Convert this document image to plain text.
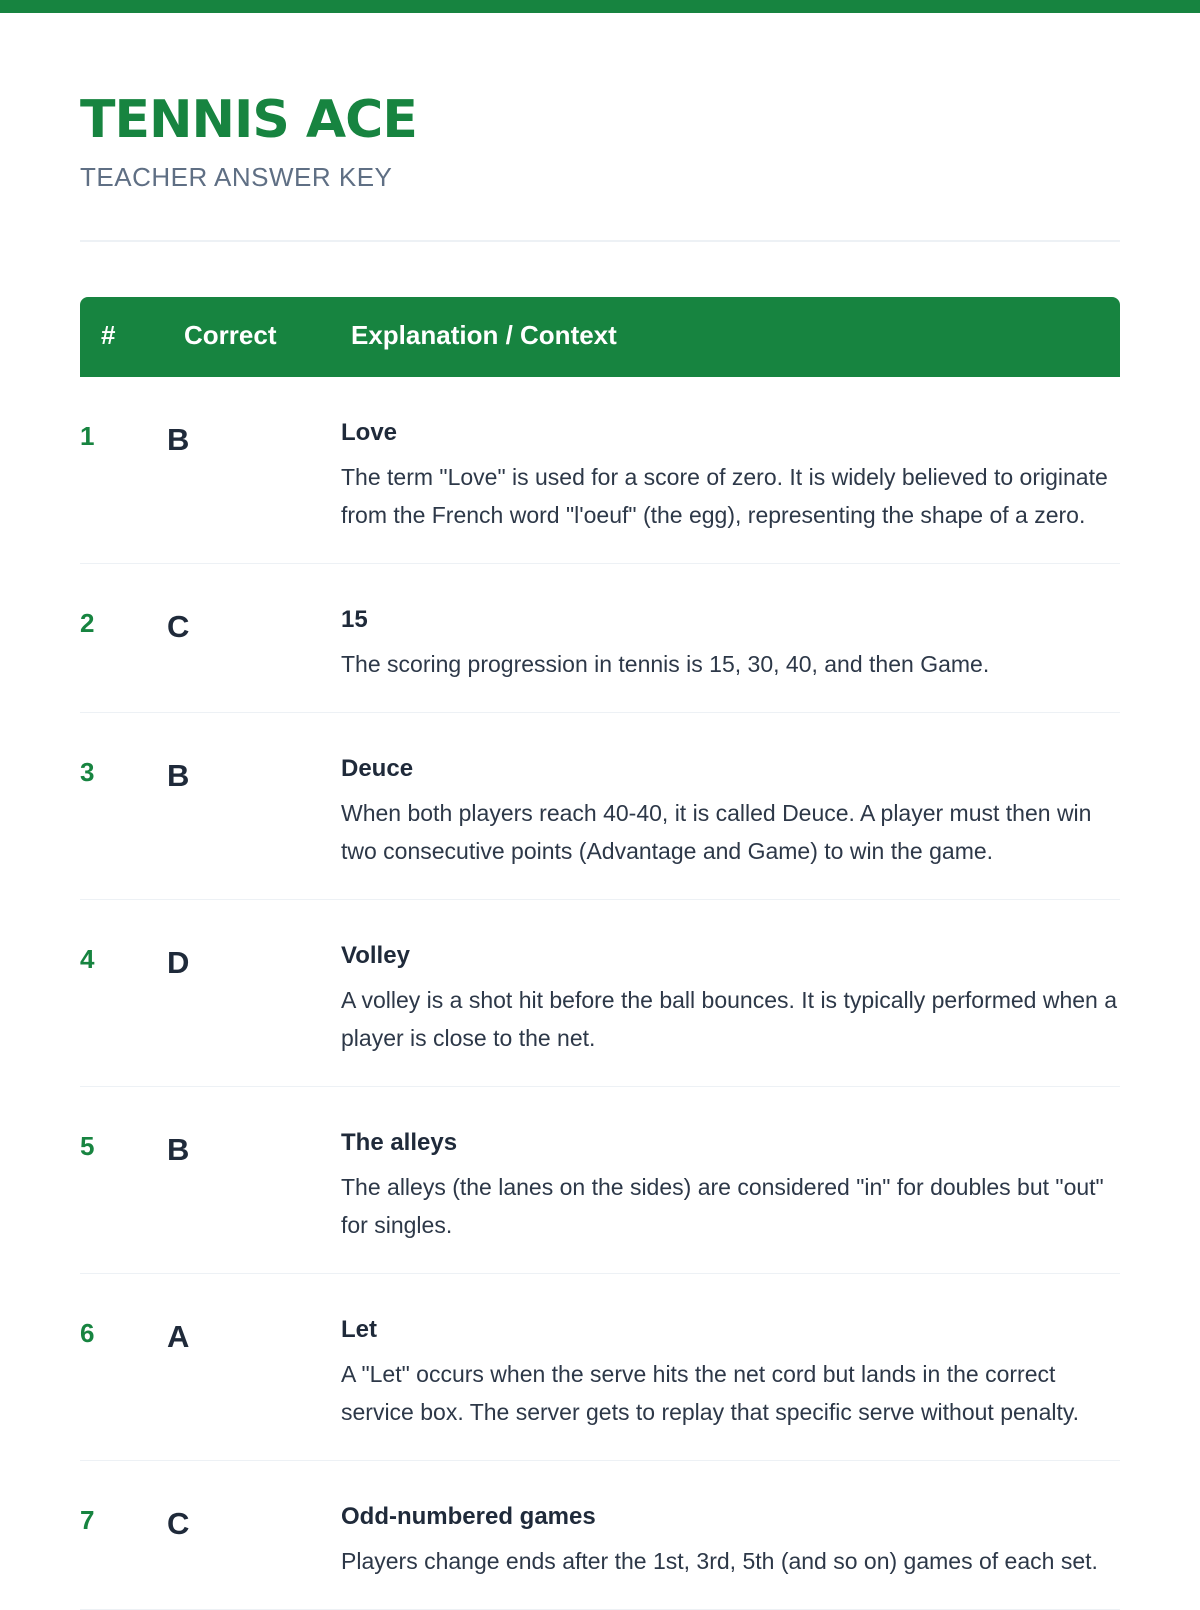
TENNIS ACE
TEACHER ANSWER KEY
#	Correct	Explanation / Context
1 B	Love

The term "Love" is used for a score of zero. It is widely believed to originate from the French word "l'oeuf" (the egg), representing the shape of a zero.

2 C	15

The scoring progression in tennis is 15, 30, 40, and then Game.

3 B	Deuce

When both players reach 40-40, it is called Deuce. A player must then win two consecutive points (Advantage and Game) to win the game.

4 D	Volley

A volley is a shot hit before the ball bounces. It is typically performed when a player is close to the net.

5 B	The alleys

The alleys (the lanes on the sides) are considered "in" for doubles but "out" for singles.

6 A	Let

A "Let" occurs when the serve hits the net cord but lands in the correct service box. The server gets to replay that specific serve without penalty.

7 C	Odd-numbered games

Players change ends after the 1st, 3rd, 5th (and so on) games of each set.
